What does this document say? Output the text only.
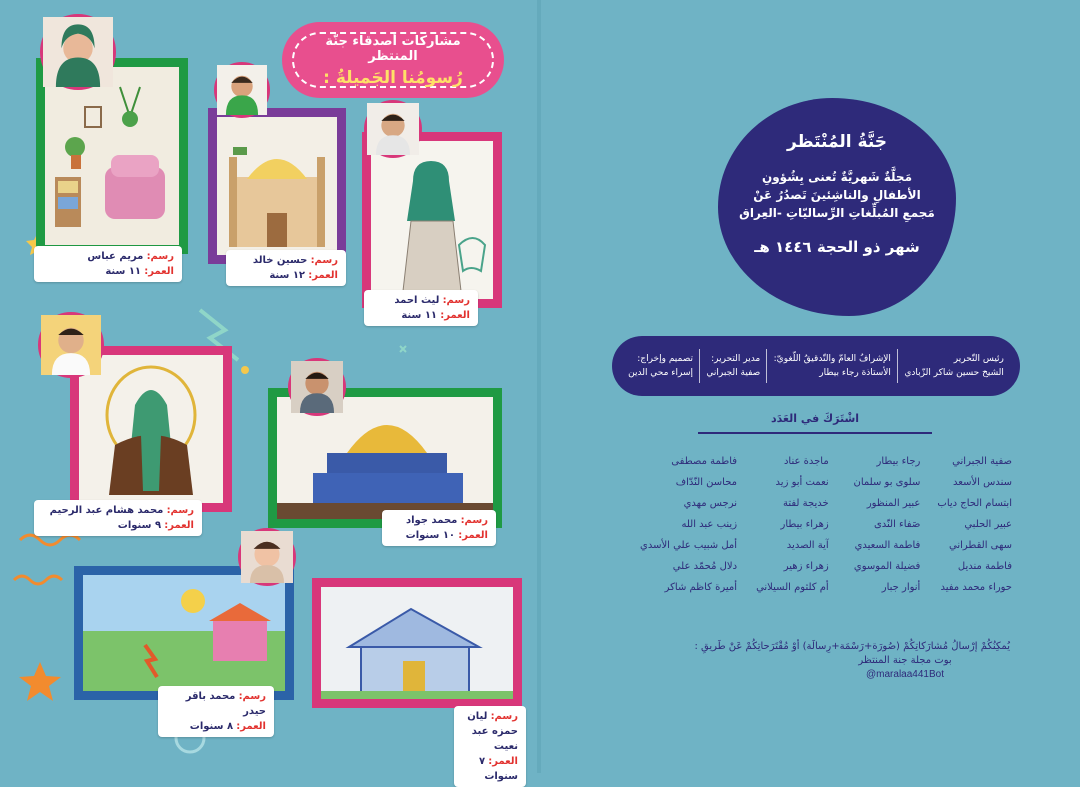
مشاركات أصدقاء جنّة المنتظر
رُسومُنا الجَميلةُ :
رسم: مريم عباس
العمر: ١١ سنة
رسم: حسين خالد
العمر: ١٢ سنة
رسم: ليث احمد
العمر: ١١ سنة
رسم: محمد هشام عبد الرحيم
العمر: ٩ سنوات	رسم: محمد جواد
العمر: ١٠ سنوات
رسم: محمد باقر حيدر
العمر: ٨ سنوات
رسم: ليان حمزه عبد نعيت
العمر: ٧ سنوات
جَنَّةُ المُنْتَظر
مَجلَّةٌ شَهريَّةٌ تُعنى بِشُؤونِ الأطفالِ والناشِئينَ تَصدُرُ عَنْ مَجمعِ المُبلِّغاتِ الرِّساليّاتِ -العِراق
شهر ذو الحجة ١٤٤٦ هـ
رئيس التّحرير
الشيخ حسين شاكر الزّبادي
الإشرافُ العامّ والتّدقيقُ اللّغويّ:
الأستاذة رجاء بيطار
مدير التحرير:
صفية الجبراني
تصميم وإخراج:
إسراء محي الدين
اشْتَرَكَ في العَدَد
صفية الجبراني
رجاء بيطار
ماجدة عناد
فاطمة مصطفى
سندس الأسعد
سلوى بو سلمان
نعمت أبو زيد
محاسن النّدّاف
ابتسام الحاج دياب
عبير المنظور
خديجة لفتة
نرجس مهدي
عبير الحلبي
صَفاء النّدى
زهراء بيطار
زينب عبد الله
سهى القطراني
فاطمة السعيدي
آية الصديد
أمل شبيب علي الأسدي
فاطمة منديل
فضيلة الموسوي
زهراء زهير
دلال مُحمّد علي
حوراء محمد مفيد
أنوار جبار
أم كلثوم السيلاني
أميرة كاظم شاكر
يُمكِنُكُمْ إرْسالُ مُشارَكاتِكُمْ (صُورَة+رَسْمَة+رِسالَة) أوْ مُقْتَرَحاتِكُمْ عَنْ طَريقِ :
بوت مجلة جنة المنتظر
maralaa441Bot@
